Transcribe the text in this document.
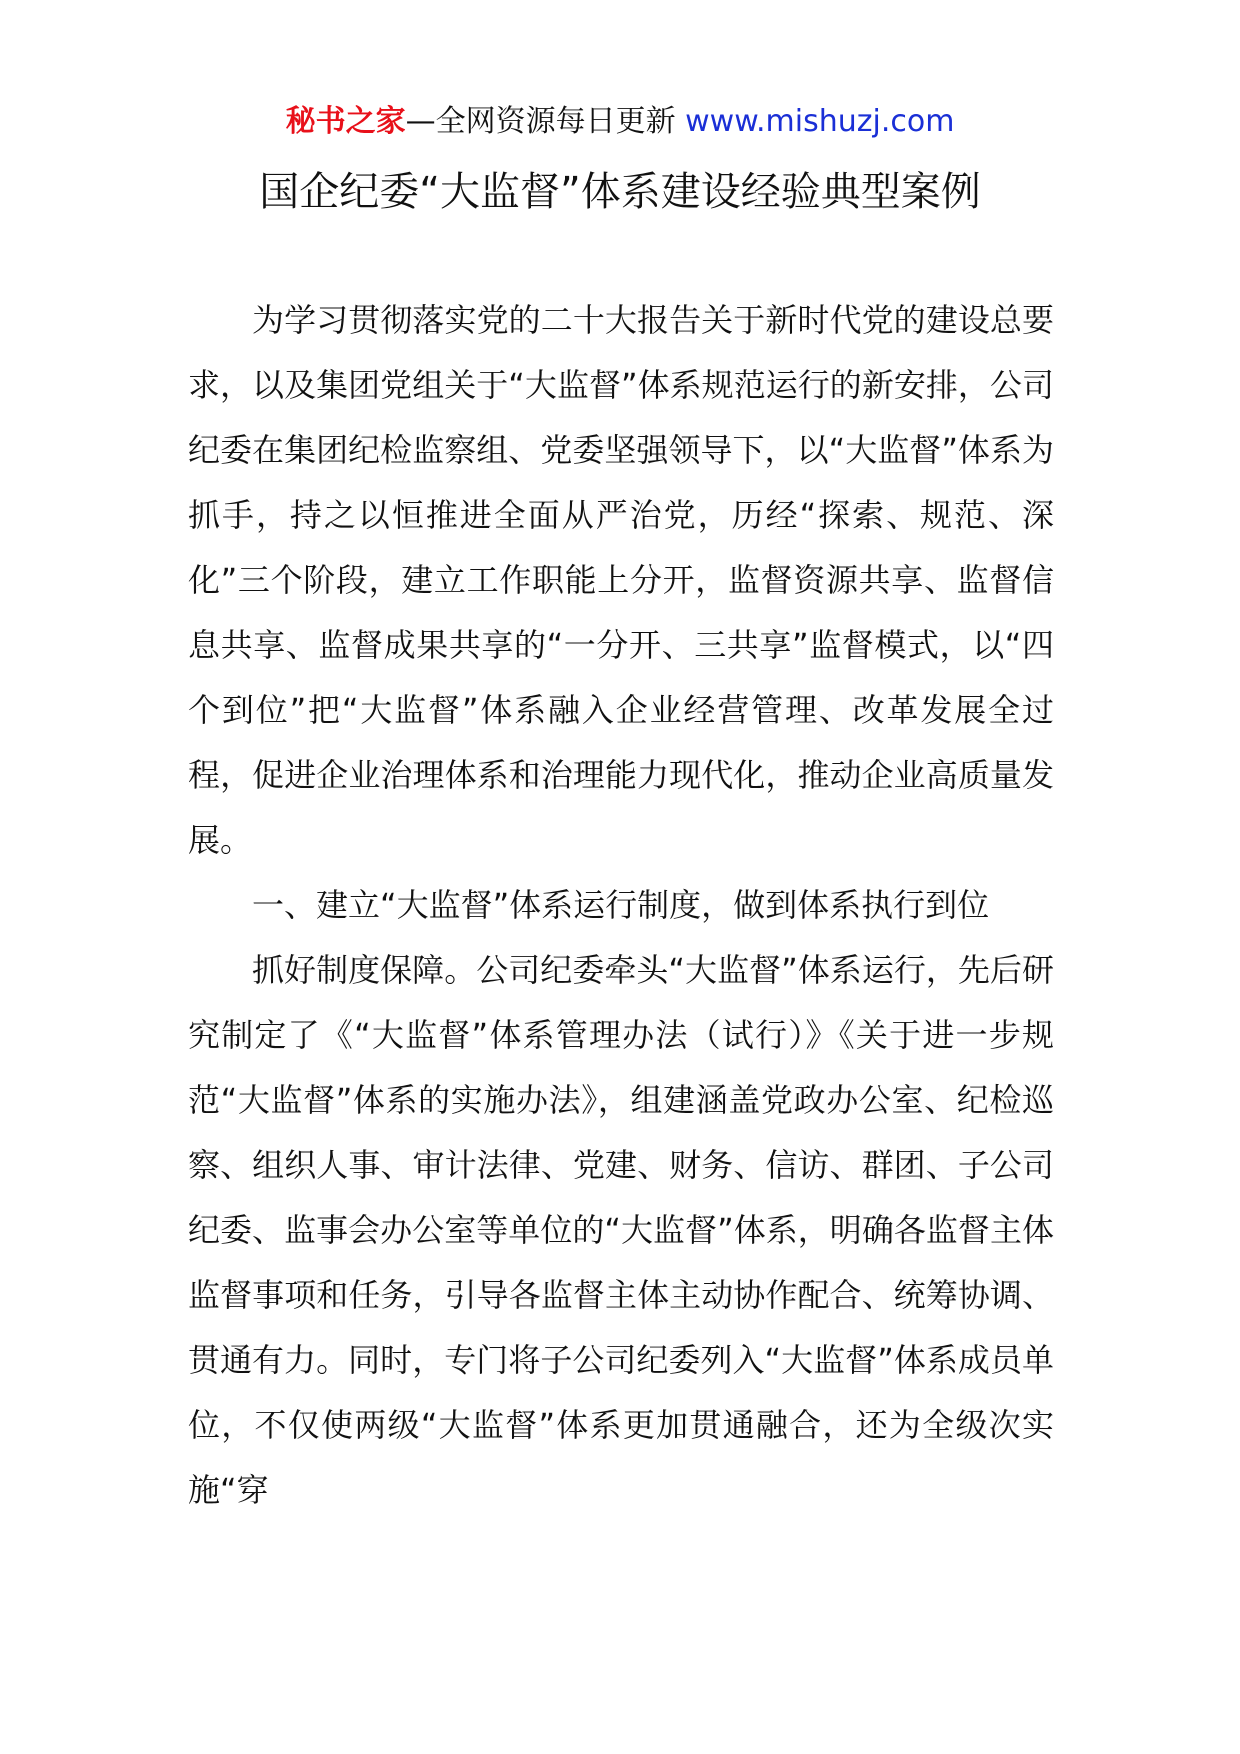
秘书之家—全网资源每日更新 www.mishuzj.com
国企纪委“大监督”体系建设经验典型案例

为学习贯彻落实党的二十大报告关于新时代党的建设总要求，以及集团党组关于“大监督”体系规范运行的新安排，公司纪委在集团纪检监察组、党委坚强领导下，以“大监督”体系为抓手，持之以恒推进全面从严治党，历经“探索、规范、深化”三个阶段，建立工作职能上分开，监督资源共享、监督信息共享、监督成果共享的“一分开、三共享”监督模式，以“四个到位”把“大监督”体系融入企业经营管理、改革发展全过程，促进企业治理体系和治理能力现代化，推动企业高质量发展。

一、建立“大监督”体系运行制度，做到体系执行到位

抓好制度保障。公司纪委牵头“大监督”体系运行，先后研究制定了《“大监督”体系管理办法（试行）》《关于进一步规范“大监督”体系的实施办法》，组建涵盖党政办公室、纪检巡察、组织人事、审计法律、党建、财务、信访、群团、子公司纪委、监事会办公室等单位的“大监督”体系，明确各监督主体监督事项和任务，引导各监督主体主动协作配合、统筹协调、贯通有力。同时，专门将子公司纪委列入“大监督”体系成员单位，不仅使两级“大监督”体系更加贯通融合，还为全级次实施“穿
